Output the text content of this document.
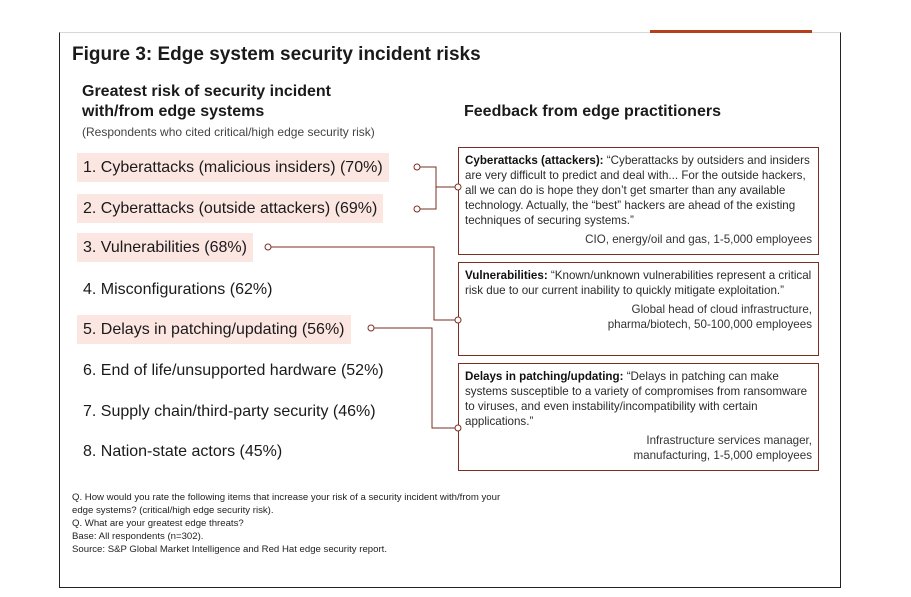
Figure 3: Edge system security incident risks
Greatest risk of security incident with/from edge systems
(Respondents who cited critical/high edge security risk)
Feedback from edge practitioners
1. Cyberattacks (malicious insiders) (70%)
2. Cyberattacks (outside attackers) (69%)
3. Vulnerabilities (68%)
4. Misconfigurations (62%)
5. Delays in patching/updating (56%)
6. End of life/unsupported hardware (52%)
7. Supply chain/third-party security (46%)
8. Nation-state actors (45%)
Cyberattacks (attackers): “Cyberattacks by outsiders and insiders are very difficult to predict and deal with... For the outside hackers, all we can do is hope they don’t get smarter than any available technology. Actually, the “best” hackers are ahead of the existing techniques of securing systems.”
CIO, energy/oil and gas, 1-5,000 employees
Vulnerabilities: “Known/unknown vulnerabilities represent a critical risk due to our current inability to quickly mitigate exploitation.”
Global head of cloud infrastructure,
pharma/biotech, 50-100,000 employees
Delays in patching/updating: “Delays in patching can make systems susceptible to a variety of compromises from ransomware to viruses, and even instability/incompatibility with certain applications.”
Infrastructure services manager,
manufacturing, 1-5,000 employees
Q. How would you rate the following items that increase your risk of a security incident with/from your
edge systems? (critical/high edge security risk).
Q. What are your greatest edge threats?
Base: All respondents (n=302).
Source: S&P Global Market Intelligence and Red Hat edge security report.
